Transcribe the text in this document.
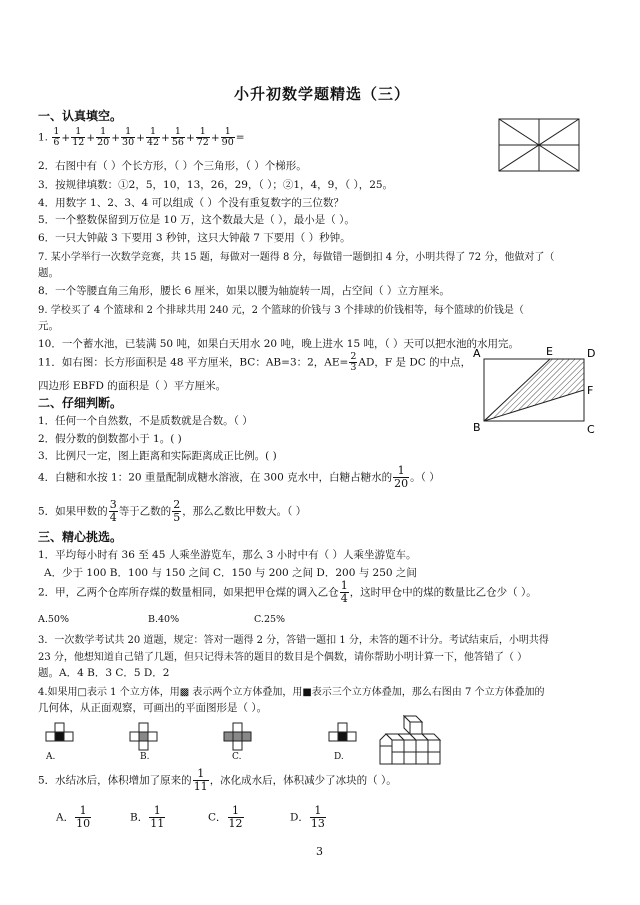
小升初数学题精选（三）
一、认真填空。
1. $\frac{1}{6} + \frac{1}{12} + \frac{1}{20} + \frac{1}{30} + \frac{1}{42} + \frac{1}{56} + \frac{1}{72} + \frac{1}{90}$ =
2．右图中有（ ）个长方形，（ ）个三角形，（ ）个梯形。
3．按规律填数：①2，5，10，13，26，29，（ ）；②1，4，9，（ ），25。
4．用数字 1、2、3、4 可以组成（ ）个没有重复数字的三位数？
5．一个整数保留到万位是 10 万，这个数最大是（ ），最小是（ ）。
6．一只大钟敲 3 下要用 3 秒钟，这只大钟敲 7 下要用（ ）秒钟。
7. 某小学举行一次数学竞赛，共 15 题，每做对一题得 8 分，每做错一题倒扣 4 分，小明共得了 72 分，他做对了（
题。
8．一个等腰直角三角形，腰长 6 厘米，如果以腰为轴旋转一周，占空间（ ）立方厘米。
9. 学校买了 4 个篮球和 2 个排球共用 240 元，2 个篮球的价钱与 3 个排球的价钱相等，每个篮球的价钱是（
元。
10．一个蓄水池，已装满 50 吨，如果白天用水 20 吨，晚上进水 15 吨，（ ）天可以把水池的水用完。
11．如右图：长方形面积是 48 平方厘米，BC：AB=3：2，$AE= \frac{2}{3}$ AD，F 是 DC 的中点，
四边形 EBFD 的面积是（ ）平方厘米。
A	E	D
F
B	C
二、仔细判断。
1．任何一个自然数，不是质数就是合数。（ ）
2．假分数的倒数都小于 1。( )
3．比例尺一定，图上距离和实际距离成正比例。( )
4．白糖和水按 1：20 重量配制成糖水溶液，在 300 克水中，白糖占糖水的 $\frac{1}{20}$ 。（ ）
5．如果甲数的 $\frac{3}{4}$ 等于乙数的 $\frac{2}{5}$ ，那么乙数比甲数大。（ ）
三、精心挑选。
1．平均每小时有 36 至 45 人乘坐游览车，那么 3 小时中有（ ）人乘坐游览车。
A．少于 100 B．100 与 150 之间 C．150 与 200 之间 D．200 与 250 之间
2．甲，乙两个仓库所存煤的数量相同，如果把甲仓煤的调入乙仓 $\frac{1}{4}$ ，这时甲仓中的煤的数量比乙仓少（ ）。
A.50%	B.40%	C.25%
3．一次数学考试共 20 道题，规定：答对一题得 2 分，答错一题扣 1 分，未答的题不计分。考试结束后，小明共得
23 分，他想知道自己错了几题，但只记得未答的题目的数目是个偶数，请你帮助小明计算一下，他答错了（ ）
题。A．4 B．3 C．5 D．2
4.如果用□表示 1 个立方体，用▩ 表示两个立方体叠加，用■表示三个立方体叠加，那么右图由 7 个立方体叠加的
几何体，从正面观察，可画出的平面图形是（ ）。
A.	B.	C.	D.
5．水结冰后，体积增加了原来的 $\frac{1}{11}$ ，冰化成水后，体积减少了冰块的（ ）。
A． $\frac{1}{10}$	B． $\frac{1}{11}$	C． $\frac{1}{12}$	D． $\frac{1}{13}$
3
